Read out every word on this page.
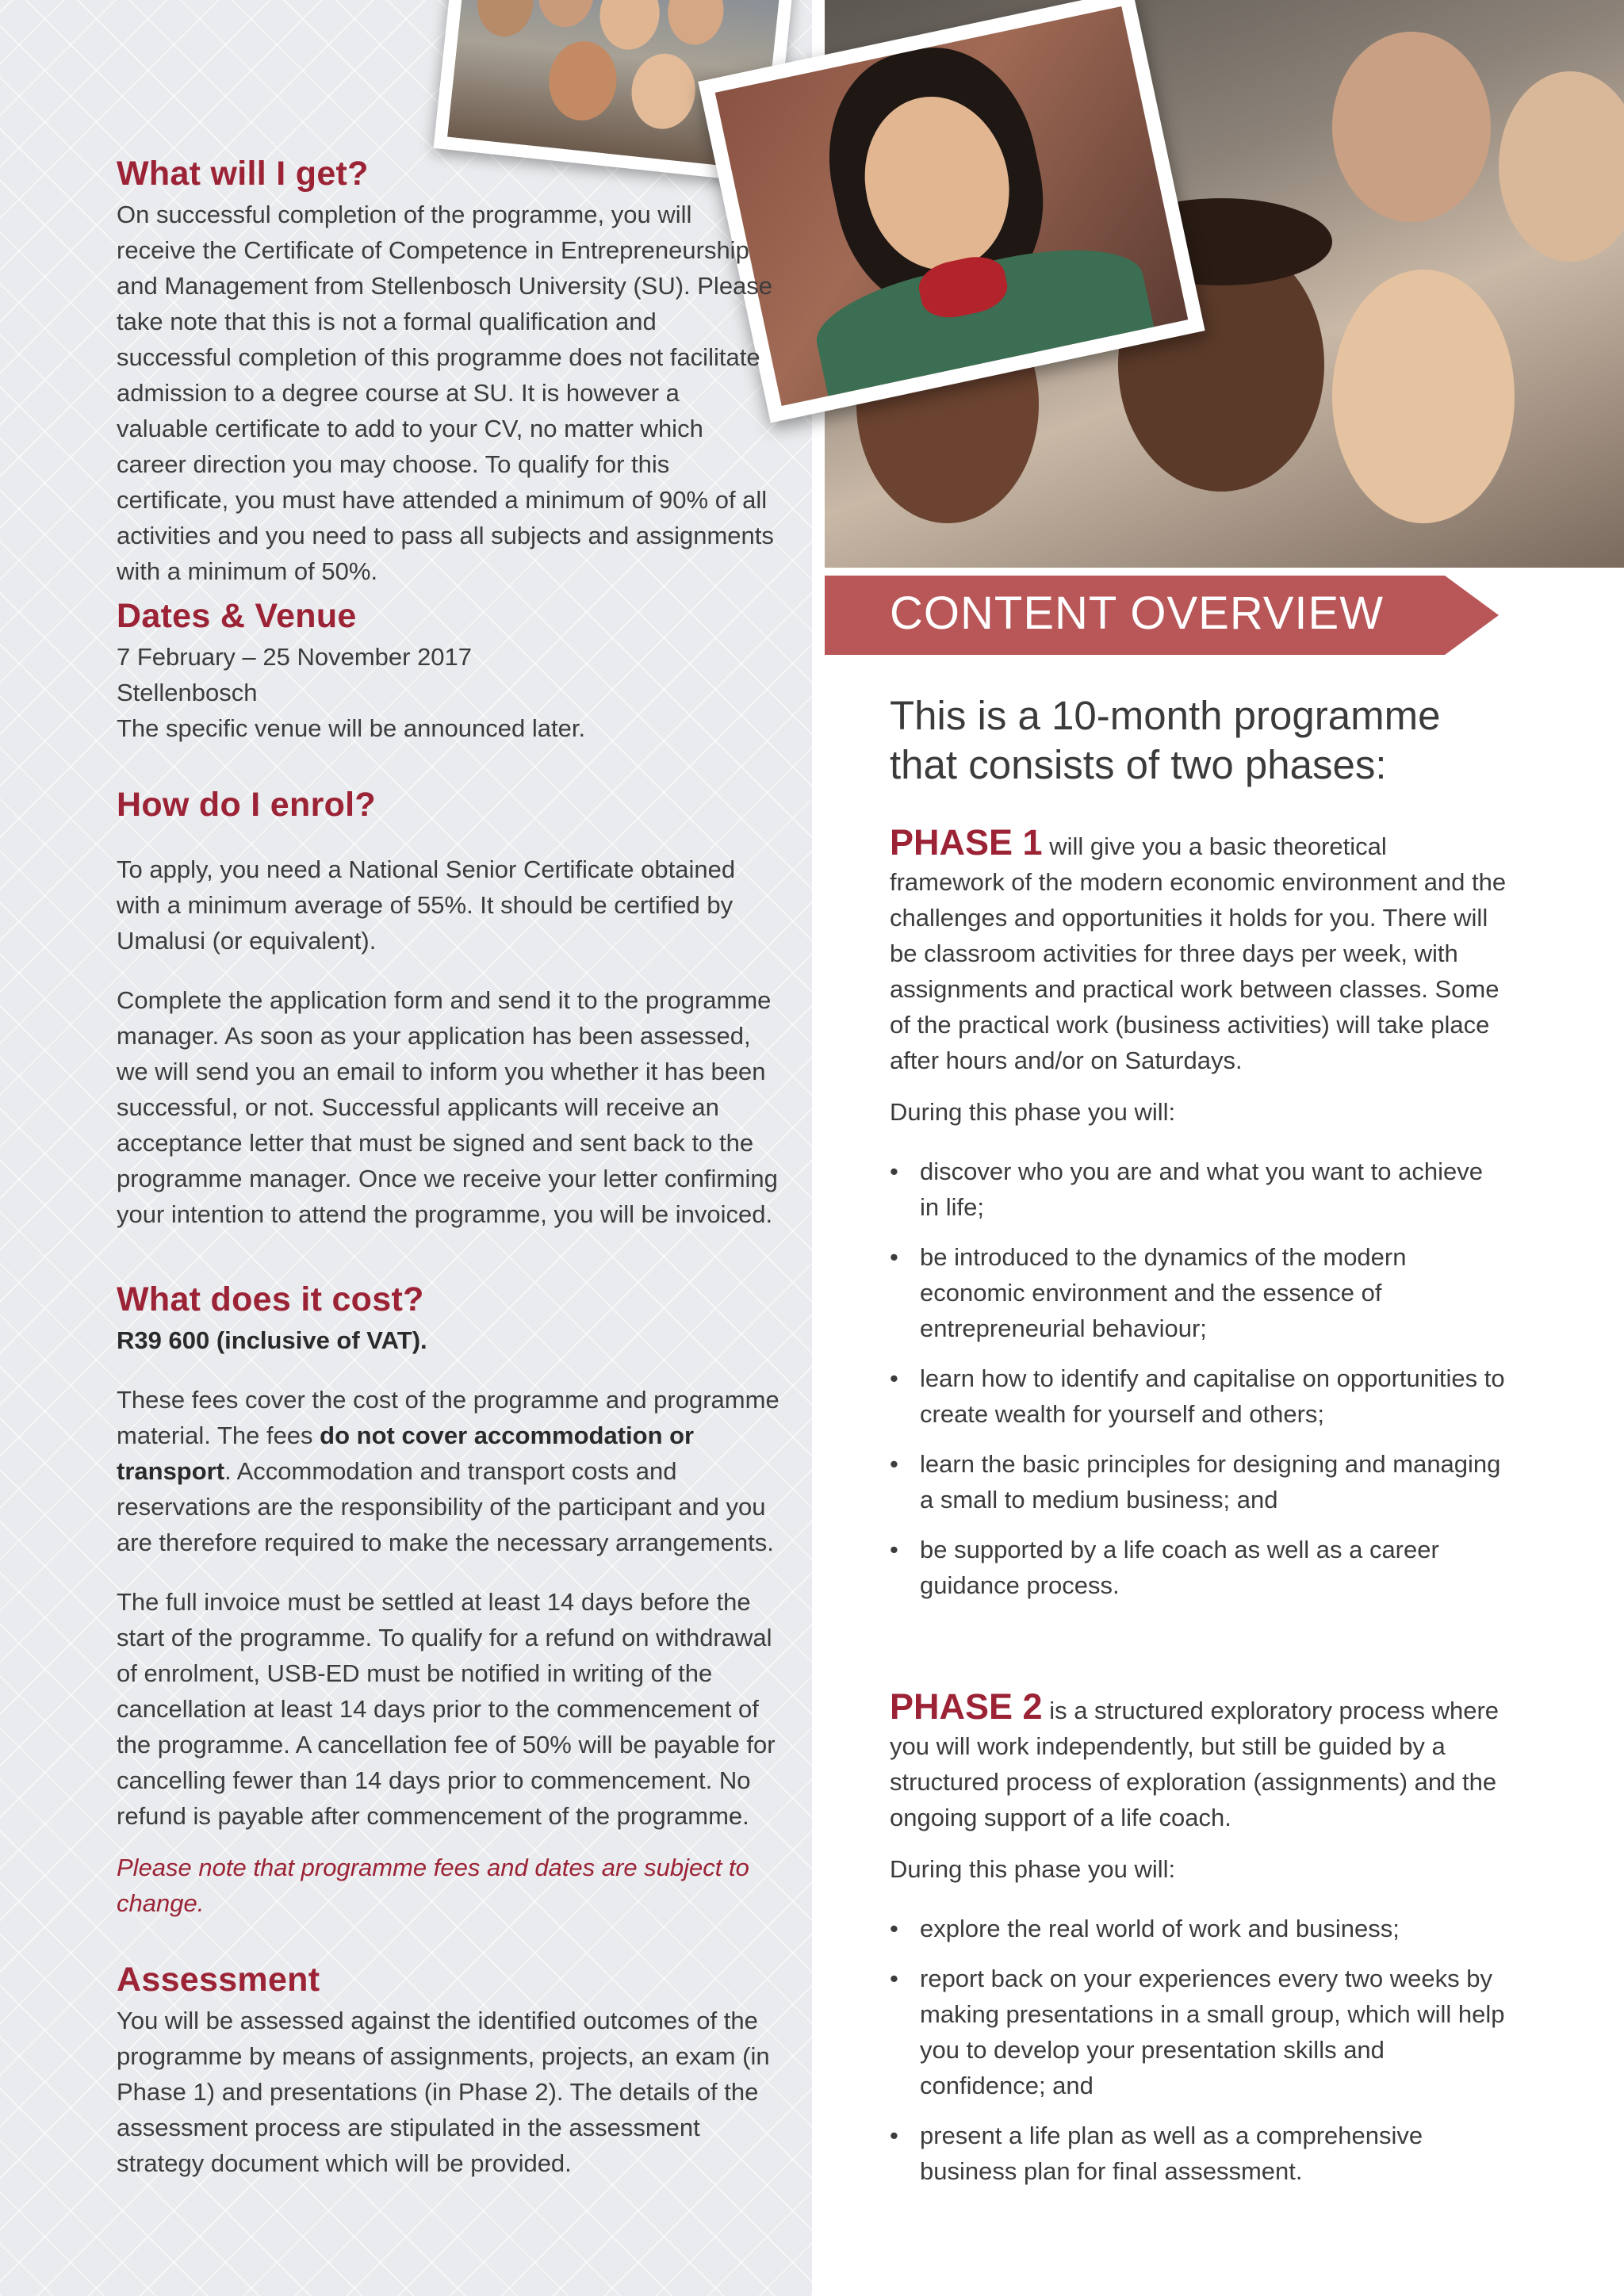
What will I get?

On successful completion of the programme, you will receive the Certificate of Competence in Entrepreneurship and Management from Stellenbosch University (SU). Please take note that this is not a formal qualification and successful completion of this programme does not facilitate admission to a degree course at SU. It is however a valuable certificate to add to your CV, no matter which career direction you may choose. To qualify for this certificate, you must have attended a minimum of 90% of all activities and you need to pass all subjects and assignments with a minimum of 50%.

Dates & Venue

7 February – 25 November 2017

Stellenbosch

The specific venue will be announced later.

How do I enrol?

To apply, you need a National Senior Certificate obtained with a minimum average of 55%. It should be certified by Umalusi (or equivalent).

Complete the application form and send it to the programme manager. As soon as your application has been assessed, we will send you an email to inform you whether it has been successful, or not. Successful applicants will receive an acceptance letter that must be signed and sent back to the programme manager. Once we receive your letter confirming your intention to attend the programme, you will be invoiced.

What does it cost?

R39 600 (inclusive of VAT).

These fees cover the cost of the programme and programme material. The fees do not cover accommodation or transport. Accommodation and transport costs and reservations are the responsibility of the participant and you are therefore required to make the necessary arrangements.

The full invoice must be settled at least 14 days before the start of the programme. To qualify for a refund on withdrawal of enrolment, USB-ED must be notified in writing of the cancellation at least 14 days prior to the commencement of the programme. A cancellation fee of 50% will be payable for cancelling fewer than 14 days prior to commencement. No refund is payable after commencement of the programme.

Please note that programme fees and dates are subject to change.

Assessment

You will be assessed against the identified outcomes of the programme by means of assignments, projects, an exam (in Phase 1) and presentations (in Phase 2). The details of the assessment process are stipulated in the assessment strategy document which will be provided.

CONTENT OVERVIEW

This is a 10-month programme that consists of two phases:

PHASE 1 will give you a basic theoretical framework of the modern economic environment and the challenges and opportunities it holds for you. There will be classroom activities for three days per week, with assignments and practical work between classes. Some of the practical work (business activities) will take place after hours and/or on Saturdays.

During this phase you will:

• discover who you are and what you want to achieve in life;
• be introduced to the dynamics of the modern economic environment and the essence of entrepreneurial behaviour;
• learn how to identify and capitalise on opportunities to create wealth for yourself and others;
• learn the basic principles for designing and managing a small to medium business; and
• be supported by a life coach as well as a career guidance process.

PHASE 2 is a structured exploratory process where you will work independently, but still be guided by a structured process of exploration (assignments) and the ongoing support of a life coach.

During this phase you will:

• explore the real world of work and business;
• report back on your experiences every two weeks by making presentations in a small group, which will help you to develop your presentation skills and confidence; and
• present a life plan as well as a comprehensive business plan for final assessment.
